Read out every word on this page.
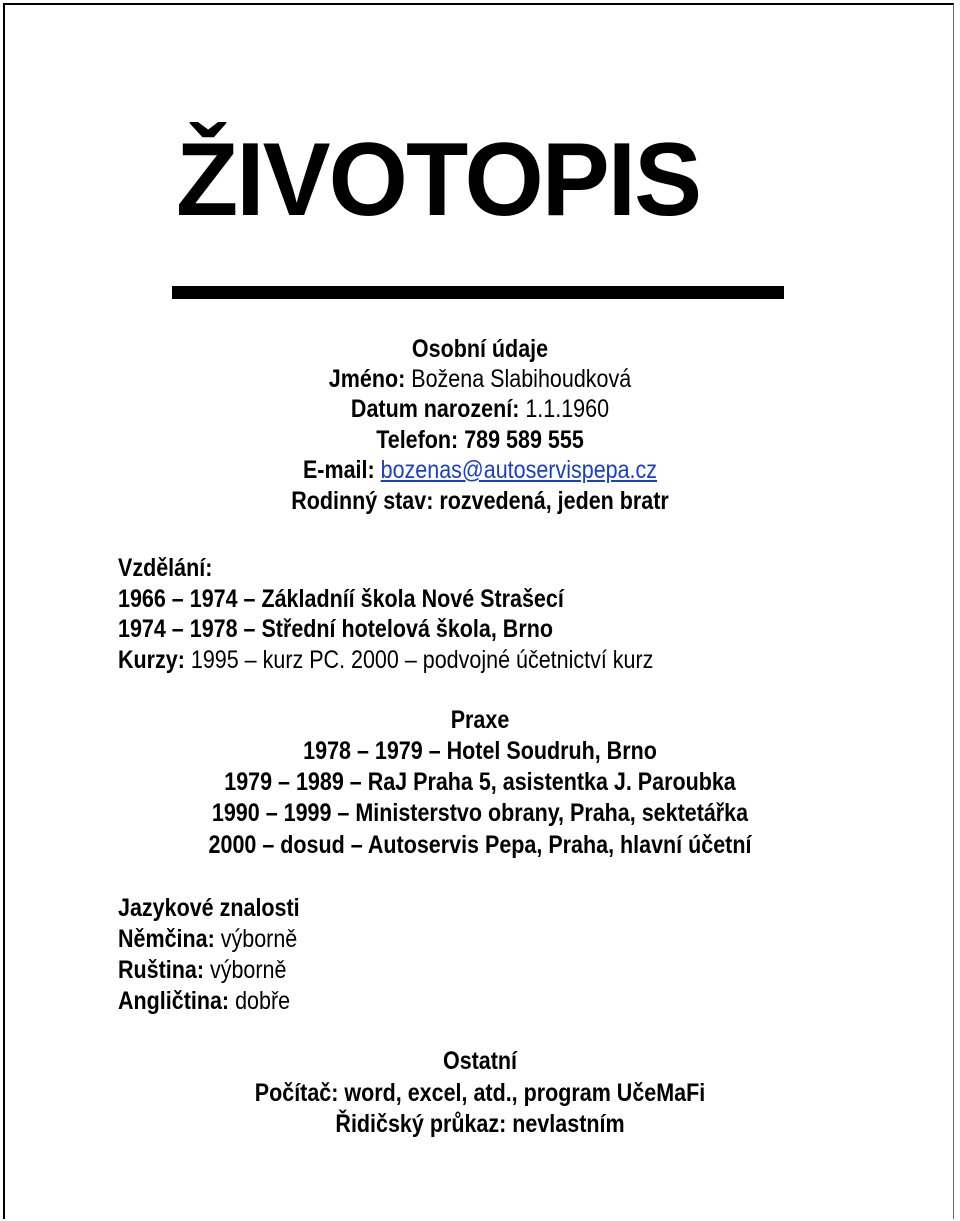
ŽIVOTOPIS
Osobní údaje
Jméno: Božena Slabihoudková
Datum narození: 1.1.1960
Telefon: 789 589 555
E-mail: bozenas@autoservispepa.cz
Rodinný stav: rozvedená, jeden bratr
Vzdělání:
1966 – 1974 – Základníí škola Nové Strašecí
1974 – 1978 – Střední hotelová škola, Brno
Kurzy: 1995 – kurz PC. 2000 – podvojné účetnictví kurz
Praxe
1978 – 1979 – Hotel Soudruh, Brno
1979 – 1989 – RaJ Praha 5, asistentka J. Paroubka
1990 – 1999 – Ministerstvo obrany, Praha, sektetářka
2000 – dosud – Autoservis Pepa, Praha, hlavní účetní
Jazykové znalosti
Němčina: výborně
Ruština: výborně
Angličtina: dobře
Ostatní
Počítač: word, excel, atd., program UčeMaFi
Řidičský průkaz: nevlastním
